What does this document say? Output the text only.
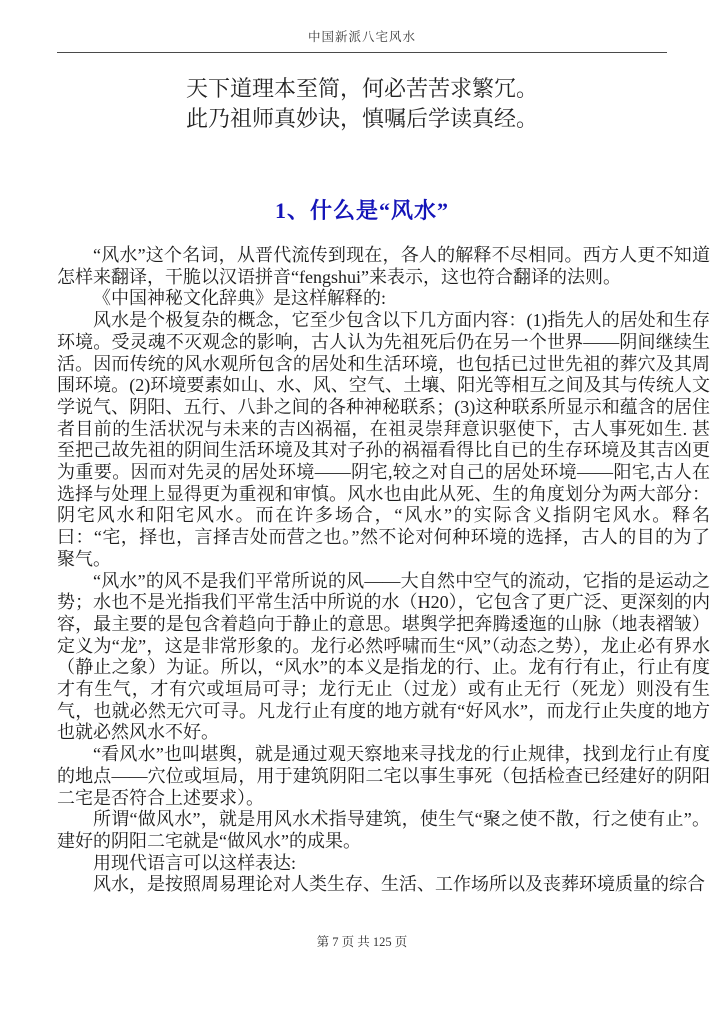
中国新派八宅风水
天下道理本至简，何必苦苦求繁冗。
此乃祖师真妙诀，慎嘱后学读真经。
1、什么是“风水”

“风水”这个名词，从晋代流传到现在，各人的解释不尽相同。西方人更不知道怎样来翻译，干脆以汉语拼音“fengshui”来表示，这也符合翻译的法则。

《中国神秘文化辞典》是这样解释的:

风水是个极复杂的概念，它至少包含以下几方面内容：(1)指先人的居处和生存环境。受灵魂不灭观念的影响，古人认为先祖死后仍在另一个世界——阴间继续生活。因而传统的风水观所包含的居处和生活环境，也包括已过世先祖的葬穴及其周围环境。(2)环境要素如山、水、风、空气、土壤、阳光等相互之间及其与传统人文学说气、阴阳、五行、八卦之间的各种神秘联系；(3)这种联系所显示和蕴含的居住者目前的生活状况与未来的吉凶祸福，在祖灵崇拜意识驱使下，古人事死如生. 甚至把己故先祖的阴间生活环境及其对子孙的祸福看得比自已的生存环境及其吉凶更为重要。因而对先灵的居处环境——阴宅,较之对自己的居处环境——阳宅,古人在选择与处理上显得更为重视和审慎。风水也由此从死、生的角度划分为两大部分：阴宅风水和阳宅风水。而在许多场合，“风水”的实际含义指阴宅风水。释名曰：“宅，择也，言择吉处而营之也。”然不论对何种环境的选择，古人的目的为了聚气。

“风水”的风不是我们平常所说的风——大自然中空气的流动，它指的是运动之势；水也不是光指我们平常生活中所说的水（H20），它包含了更广泛、更深刻的内容，最主要的是包含着趋向于静止的意思。堪舆学把奔腾逶迤的山脉（地表褶皱）定义为“龙”，这是非常形象的。龙行必然呼啸而生“风”（动态之势），龙止必有界水（静止之象）为证。所以，“风水”的本义是指龙的行、止。龙有行有止，行止有度才有生气，才有穴或垣局可寻；龙行无止（过龙）或有止无行（死龙）则没有生气，也就必然无穴可寻。凡龙行止有度的地方就有“好风水”，而龙行止失度的地方也就必然风水不好。

“看风水”也叫堪舆，就是通过观天察地来寻找龙的行止规律，找到龙行止有度的地点——穴位或垣局，用于建筑阴阳二宅以事生事死（包括检查已经建好的阴阳二宅是否符合上述要求）。

所谓“做风水”，就是用风水术指导建筑，使生气“聚之使不散，行之使有止”。建好的阴阳二宅就是“做风水”的成果。

用现代语言可以这样表达:

风水，是按照周易理论对人类生存、生活、工作场所以及丧葬环境质量的综合

第 7 页 共 125 页
